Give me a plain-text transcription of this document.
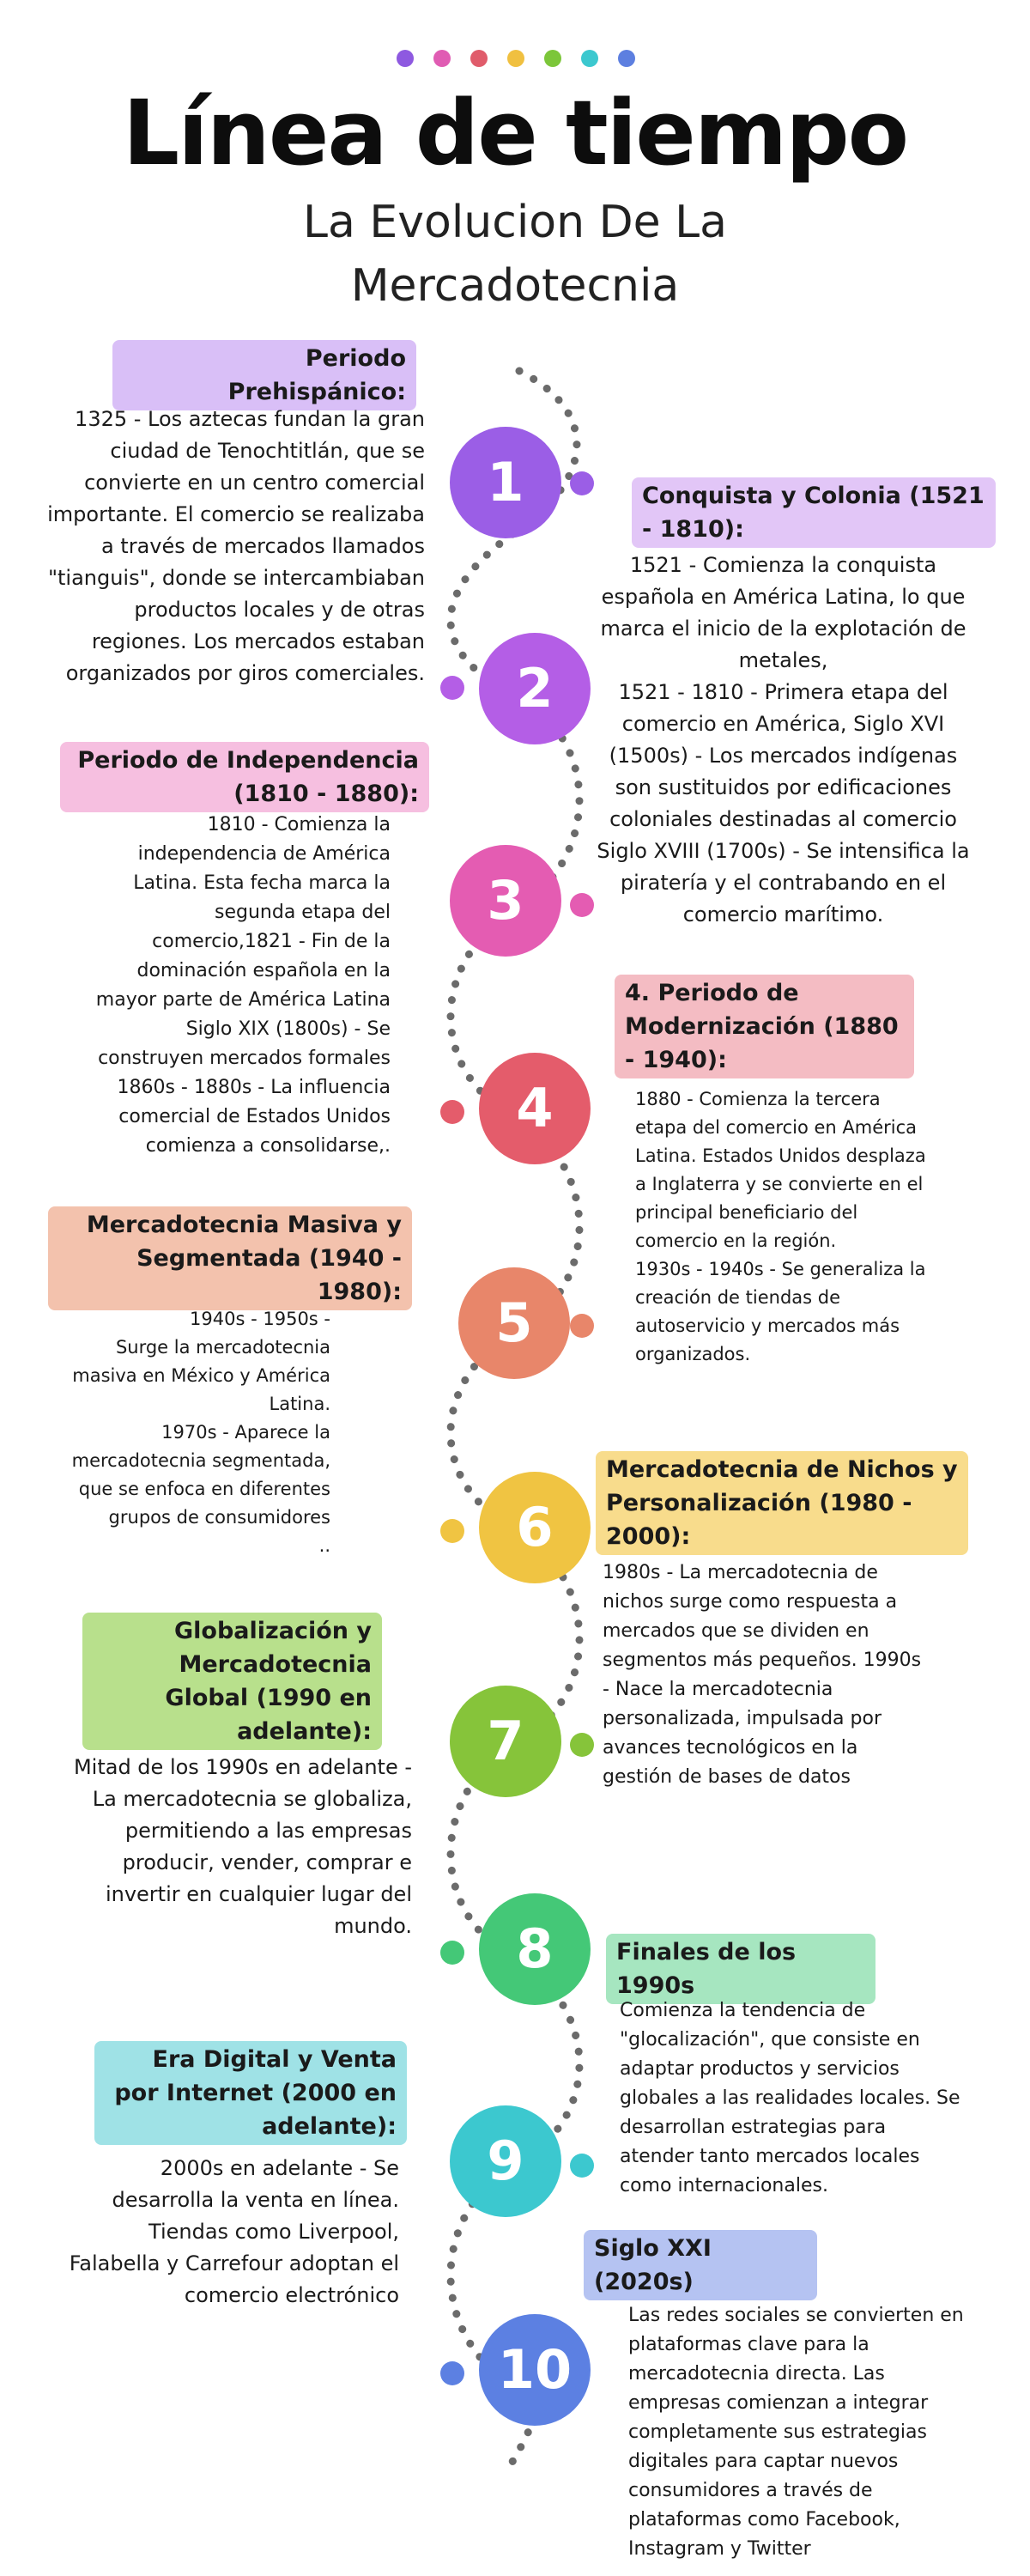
Línea de tiempo
La Evolucion De La Mercadotecnia
1
2
3
4
5
6
7
8
9
10
Periodo Prehispánico:

1325 - Los aztecas fundan la gran ciudad de Tenochtitlán, que se convierte en un centro comercial importante. El comercio se realizaba a través de mercados llamados "tianguis", donde se intercambiaban productos locales y de otras regiones. Los mercados estaban organizados por giros comerciales.

Conquista y Colonia (1521 - 1810):

1521 - Comienza la conquista española en América Latina, lo que marca el inicio de la explotación de metales,
1521 - 1810 - Primera etapa del comercio en América, Siglo XVI (1500s) - Los mercados indígenas son sustituidos por edificaciones coloniales destinadas al comercio Siglo XVIII (1700s) - Se intensifica la piratería y el contrabando en el comercio marítimo.

Periodo de Independencia (1810 - 1880):

1810 - Comienza la independencia de América Latina. Esta fecha marca la segunda etapa del comercio,1821 - Fin de la dominación española en la mayor parte de América Latina Siglo XIX (1800s) - Se construyen mercados formales 1860s - 1880s - La influencia comercial de Estados Unidos comienza a consolidarse,.

4. Periodo de Modernización (1880 - 1940):

1880 - Comienza la tercera etapa del comercio en América Latina. Estados Unidos desplaza a Inglaterra y se convierte en el principal beneficiario del comercio en la región.
1930s - 1940s - Se generaliza la creación de tiendas de autoservicio y mercados más organizados.

Mercadotecnia Masiva y Segmentada (1940 - 1980):

1940s - 1950s -
Surge la mercadotecnia masiva en México y América Latina.
1970s - Aparece la mercadotecnia segmentada, que se enfoca en diferentes grupos de consumidores
..

Mercadotecnia de Nichos y Personalización (1980 - 2000):

1980s - La mercadotecnia de nichos surge como respuesta a mercados que se dividen en segmentos más pequeños. 1990s - Nace la mercadotecnia personalizada, impulsada por avances tecnológicos en la gestión de bases de datos

Globalización y Mercadotecnia Global (1990 en adelante):

Mitad de los 1990s en adelante - La mercadotecnia se globaliza, permitiendo a las empresas producir, vender, comprar e invertir en cualquier lugar del mundo.

Finales de los 1990s

Comienza la tendencia de "glocalización", que consiste en adaptar productos y servicios globales a las realidades locales. Se desarrollan estrategias para atender tanto mercados locales como internacionales.

Era Digital y Venta por Internet (2000 en adelante):

2000s en adelante - Se desarrolla la venta en línea. Tiendas como Liverpool, Falabella y Carrefour adoptan el comercio electrónico

Siglo XXI (2020s)

Las redes sociales se convierten en plataformas clave para la mercadotecnia directa. Las empresas comienzan a integrar completamente sus estrategias digitales para captar nuevos consumidores a través de plataformas como Facebook, Instagram y Twitter
